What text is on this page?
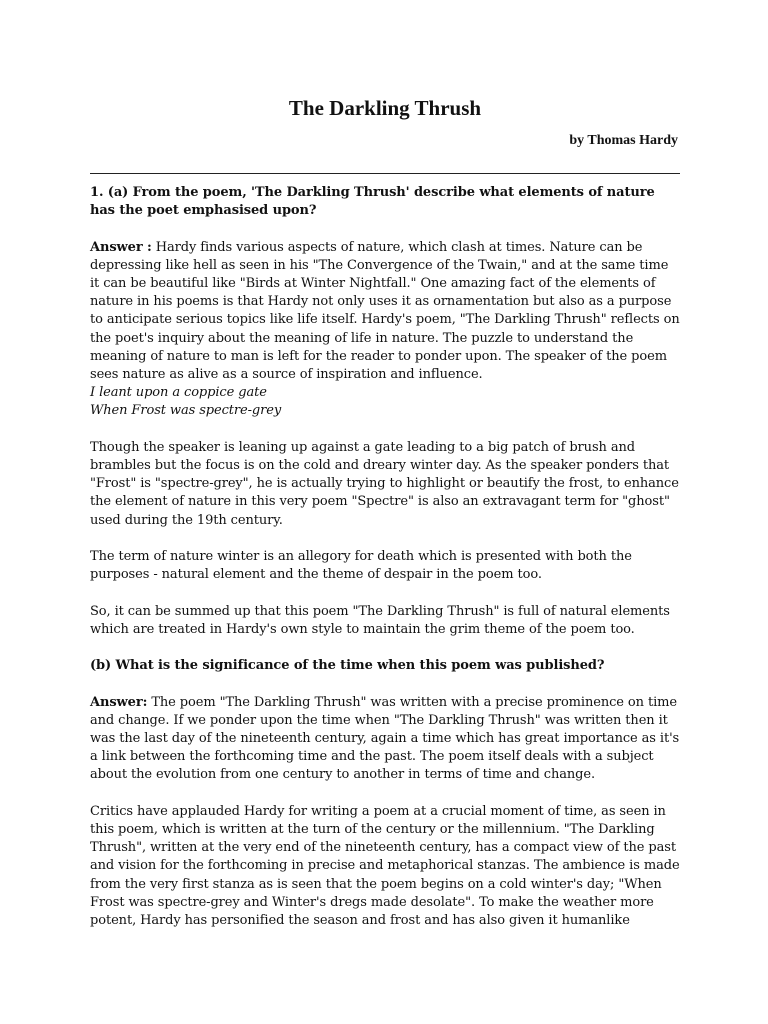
The Darkling Thrush
by Thomas Hardy

1. (a) From the poem, 'The Darkling Thrush' describe what elements of nature has the poet emphasised upon?

Answer : Hardy finds various aspects of nature, which clash at times. Nature can be depressing like hell as seen in his "The Convergence of the Twain," and at the same time it can be beautiful like "Birds at Winter Nightfall." One amazing fact of the elements of nature in his poems is that Hardy not only uses it as ornamentation but also as a purpose to anticipate serious topics like life itself. Hardy's poem, "The Darkling Thrush" reflects on the poet's inquiry about the meaning of life in nature. The puzzle to understand the meaning of nature to man is left for the reader to ponder upon. The speaker of the poem sees nature as alive as a source of inspiration and influence.
I leant upon a coppice gate
When Frost was spectre-grey

Though the speaker is leaning up against a gate leading to a big patch of brush and brambles but the focus is on the cold and dreary winter day. As the speaker ponders that "Frost" is "spectre-grey", he is actually trying to highlight or beautify the frost, to enhance the element of nature in this very poem "Spectre" is also an extravagant term for "ghost" used during the 19th century.

The term of nature winter is an allegory for death which is presented with both the purposes - natural element and the theme of despair in the poem too.

So, it can be summed up that this poem "The Darkling Thrush" is full of natural elements which are treated in Hardy's own style to maintain the grim theme of the poem too.

(b) What is the significance of the time when this poem was published?

Answer: The poem "The Darkling Thrush" was written with a precise prominence on time and change. If we ponder upon the time when "The Darkling Thrush" was written then it was the last day of the nineteenth century, again a time which has great importance as it's a link between the forthcoming time and the past. The poem itself deals with a subject about the evolution from one century to another in terms of time and change.

Critics have applauded Hardy for writing a poem at a crucial moment of time, as seen in this poem, which is written at the turn of the century or the millennium. "The Darkling Thrush", written at the very end of the nineteenth century, has a compact view of the past and vision for the forthcoming in precise and metaphorical stanzas. The ambience is made from the very first stanza as is seen that the poem begins on a cold winter's day; "When Frost was spectre-grey and Winter's dregs made desolate". To make the weather more potent, Hardy has personified the season and frost and has also given it humanlike
